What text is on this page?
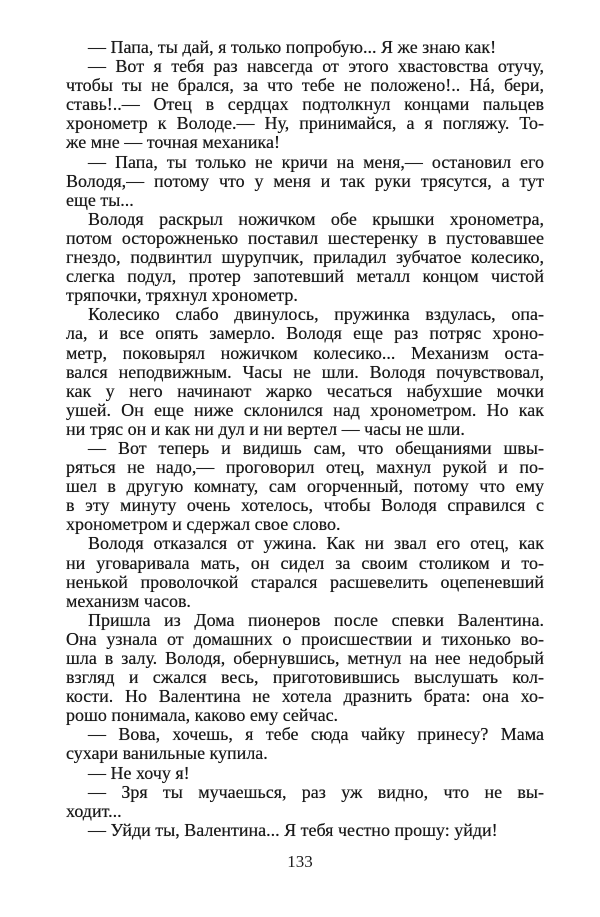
— Папа, ты дай, я только попробую... Я же знаю как!
— Вот я тебя раз навсегда от этого хвастовства отучу,
чтобы ты не брался, за что тебе не положено!.. Нá, бери,
ставь!..— Отец в сердцах подтолкнул концами пальцев
хронометр к Володе.— Ну, принимайся, а я погляжу. То-
же мне — точная механика!
— Папа, ты только не кричи на меня,— остановил его
Володя,— потому что у меня и так руки трясутся, а тут
еще ты...
Володя раскрыл ножичком обе крышки хронометра,
потом осторожненько поставил шестеренку в пустовавшее
гнездо, подвинтил шурупчик, приладил зубчатое колесико,
слегка подул, протер запотевший металл концом чистой
тряпочки, тряхнул хронометр.
Колесико слабо двинулось, пружинка вздулась, опа-
ла, и все опять замерло. Володя еще раз потряс хроно-
метр, поковырял ножичком колесико... Механизм оста-
вался неподвижным. Часы не шли. Володя почувствовал,
как у него начинают жарко чесаться набухшие мочки
ушей. Он еще ниже склонился над хронометром. Но как
ни тряс он и как ни дул и ни вертел — часы не шли.
— Вот теперь и видишь сам, что обещаниями швы-
ряться не надо,— проговорил отец, махнул рукой и по-
шел в другую комнату, сам огорченный, потому что ему
в эту минуту очень хотелось, чтобы Володя справился с
хронометром и сдержал свое слово.
Володя отказался от ужина. Как ни звал его отец, как
ни уговаривала мать, он сидел за своим столиком и то-
ненькой проволочкой старался расшевелить оцепеневший
механизм часов.
Пришла из Дома пионеров после спевки Валентина.
Она узнала от домашних о происшествии и тихонько во-
шла в залу. Володя, обернувшись, метнул на нее недобрый
взгляд и сжался весь, приготовившись выслушать кол-
кости. Но Валентина не хотела дразнить брата: она хо-
рошо понимала, каково ему сейчас.
— Вова, хочешь, я тебе сюда чайку принесу? Мама
сухари ванильные купила.
— Не хочу я!
— Зря ты мучаешься, раз уж видно, что не вы-
ходит...
— Уйди ты, Валентина... Я тебя честно прошу: уйди!
133
